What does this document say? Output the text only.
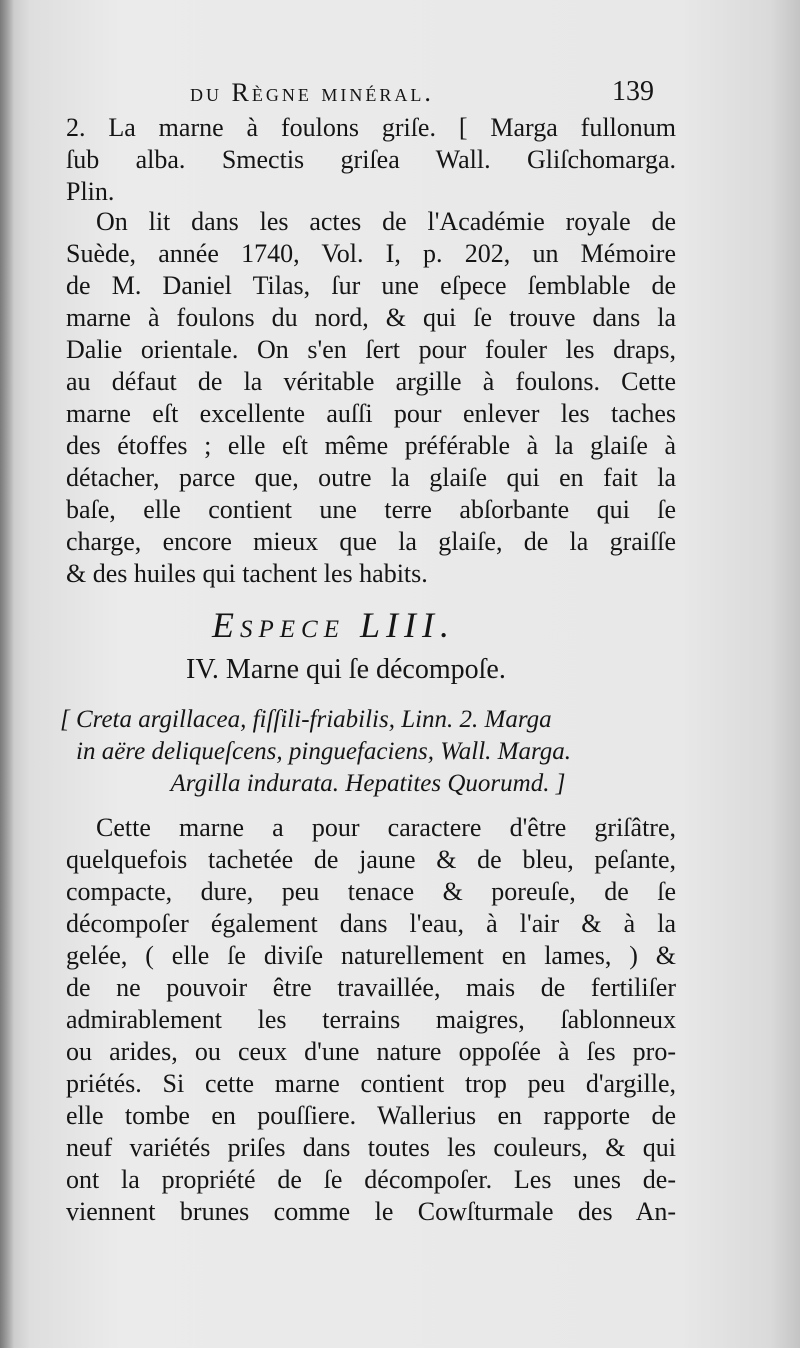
du Règne minéral.	139
2. La marne à foulons griſe. [ Marga fullonum
ſub alba. Smectis griſea Wall. Gliſchomarga.
Plin.
On lit dans les actes de l'Académie royale de
Suède, année 1740, Vol. I, p. 202, un Mémoire
de M. Daniel Tilas, ſur une eſpece ſemblable de
marne à foulons du nord, & qui ſe trouve dans la
Dalie orientale. On s'en ſert pour fouler les draps,
au défaut de la véritable argille à foulons. Cette
marne eſt excellente auſſi pour enlever les taches
des étoffes ; elle eſt même préférable à la glaiſe à
détacher, parce que, outre la glaiſe qui en fait la
baſe, elle contient une terre abſorbante qui ſe
charge, encore mieux que la glaiſe, de la graiſſe
& des huiles qui tachent les habits.
Espece LIII.
IV. Marne qui ſe décompoſe.
[ Creta argillacea, fiſſili-friabilis, Linn. 2. Marga
in aëre deliqueſcens, pinguefaciens, Wall. Marga.
Argilla indurata. Hepatites Quorumd. ]
Cette marne a pour caractere d'être griſâtre,
quelquefois tachetée de jaune & de bleu, peſante,
compacte, dure, peu tenace & poreuſe, de ſe
décompoſer également dans l'eau, à l'air & à la
gelée, ( elle ſe diviſe naturellement en lames, ) &
de ne pouvoir être travaillée, mais de fertiliſer
admirablement les terrains maigres, ſablonneux
ou arides, ou ceux d'une nature oppoſée à ſes pro-
priétés. Si cette marne contient trop peu d'argille,
elle tombe en pouſſiere. Wallerius en rapporte de
neuf variétés priſes dans toutes les couleurs, & qui
ont la propriété de ſe décompoſer. Les unes de-
viennent brunes comme le Cowſturmale des An-
